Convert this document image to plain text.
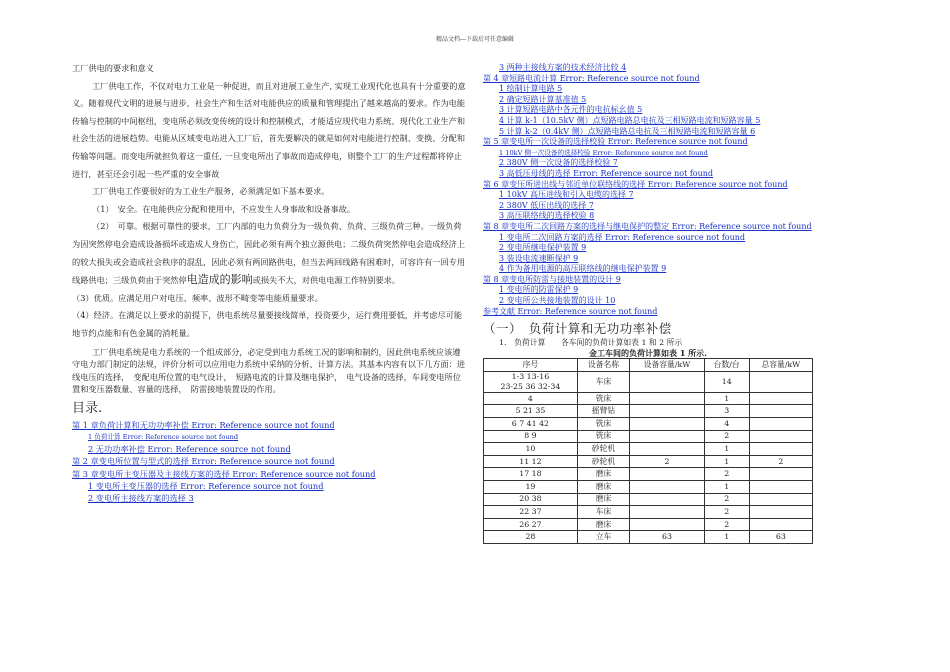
精品文档---下载后可任意编辑

工厂供电的要求和意义

工厂供电工作，不仅对电力工业是一种促进，而且对进展工业生产, 实现工业现代化也具有十分重要的意义。随着现代文明的进展与进步，社会生产和生活对电能供应的质量和管理提出了越来越高的要求。作为电能传输与控制的中间枢纽，变电所必须改变传统的设计和控制模式，才能适应现代电力系统、现代化工业生产和社会生活的进展趋势。电能从区域变电站进入工厂后，首先要解决的就是如何对电能进行控制、变换、分配和传输等问题。而变电所就担负着这一重任, 一旦变电所出了事故而造成停电，则整个工厂的生产过程都将停止进行，甚至还会引起一些严重的安全事故

工厂供电工作要很好的为工业生产服务，必须满足如下基本要求。

（1）　安全。在电能供应分配和使用中，不应发生人身事故和设备事故。

（2）　可靠。根据可靠性的要求，工厂内部的电力负荷分为一级负荷、负荷、三级负荷三种。一级负荷为因突然停电会造成设备损坏或造成人身伤亡，因此必须有两个独立源供电；二级负荷突然停电会造成经济上的较大损失或会造成社会秩序的混乱，因此必须有两回路供电，但当去两回线路有困难时，可容许有一回专用线路供电；三级负荷由于突然停电造成的影响或损失不大，对供电电源工作特别要求。

（3）优质。应满足用户对电压、频率、波形不畸变等电能质量要求。

（4）经济。在满足以上要求的前提下，供电系统尽量要接线简单，投资要少，运行费用要低，并考虑尽可能地节约点能和有色金属的消耗量。

工厂供电系统是电力系统的一个组成部分，必定受到电力系统工况的影响和制约，因此供电系统应该遵守电力部门制定的法规，评价分析可以应用电力系统中采纳的分析、计算方法。其基本内容有以下几方面：进线电压的选择，　变配电所位置的电气设计，　短路电流的计算及继电保护，　电气设备的选择，车间变电所位置和变压器数量、容量的选择，　防雷接地装置设的作用。

目录.
第 1 章负荷计算和无功功率补偿 Error: Reference source not found
1 负荷计算 Error: Reference source not found
2 无功功率补偿 Error: Reference source not found
第 2 章变电所位置与型式的选择 Error: Reference source not found
第 3 章变电所主变压器及主接线方案的选择 Error: Reference source not found
1 变电所主变压器的选择 Error: Reference source not found
2 变电所主接线方案的选择 3
3 两种主接线方案的技术经济比较 4
第 4 章短路电流计算 Error: Reference source not found
1 绘制计算电路 5
2 确定短路计算基准值 5
3 计算短路电路中各元件的电抗标幺值 5
4 计算 k-1（10.5kV 侧）点短路电路总电抗及三相短路电流和短路容量 5
5 计算 k-2（0.4kV 侧）点短路电路总电抗及三相短路电流和短路容量 6
第 5 章变电所一次设备的选择校验 Error: Reference source not found
1 10kV 侧一次设备的选择校验 Error: Reference source not found
2 380V 侧一次设备的选择校验 7
3 高低压母线的选择 Error: Reference source not found
第 6 章变压所进出线与邻近单位联络线的选择 Error: Reference source not found
1 10kV 高压进线和引入电缆的选择 7
2 380V 低压出线的选择 7
3 高压联络线的选择校验 8
第 8 章变电所二次回路方案的选择与继电保护的整定 Error: Reference source not found
1 变电所二次回路方案的选择 Error: Reference source not found
2 变电所继电保护装置 9
3 装设电流速断保护 9
4 作为备用电源的高压联络线的继电保护装置 9
第 8 章变电所防雷与接地装置的设计 9
1 变电所的防雷保护 9
2 变电所公共接地装置的设计 10
参考文献 Error: Reference source not found
（一）　负荷计算和无功功率补偿
1.　负荷计算　　各车间的负荷计算如表 1 和 2 所示
金工车间的负荷计算如表 1 所示.
序号	设备名称	设备容量/kW	台数/台	总容量/kW
1-3 13-16
23-25 36 32-34	车床		14	
4	铣床		1	
5 21 35	摇臂钻		3	
6 7 41 42	铣床		4	
8 9	铣床		2	
10	砂轮机		1	
11 12	砂轮机	2	1	2
17 18	磨床		2	
19	磨床		1	
20 38	磨床		2	
22 37	车床		2	
26 27	磨床		2	
28	立车	63	1	63
